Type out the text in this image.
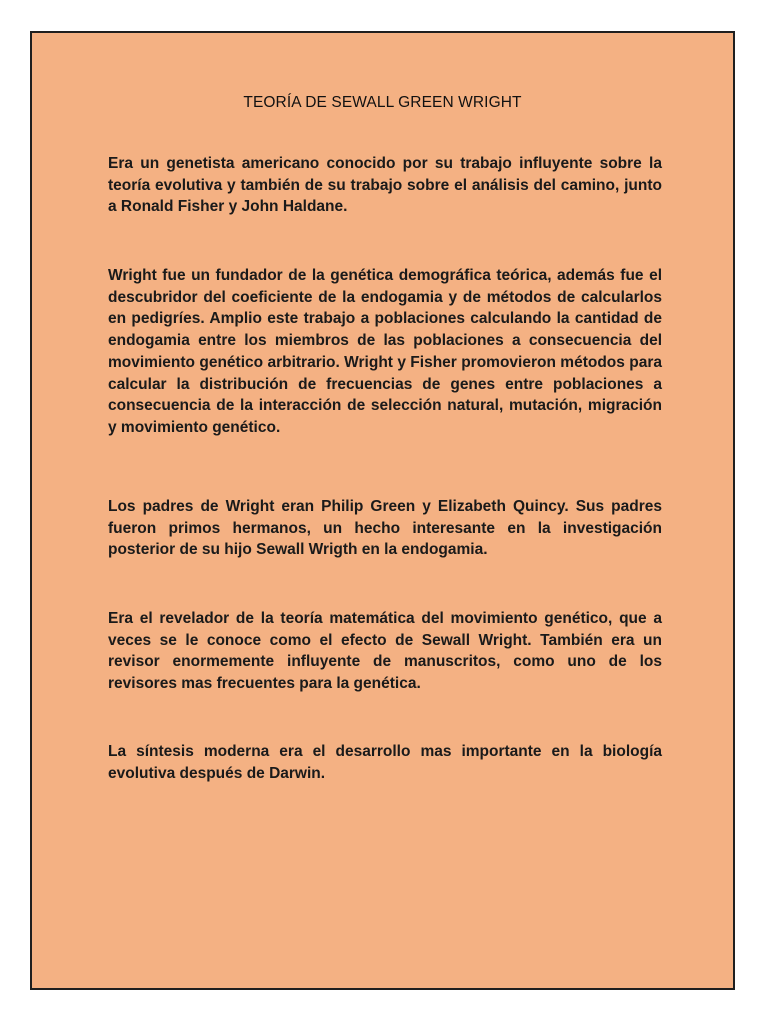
TEORÍA DE SEWALL GREEN WRIGHT

Era un genetista americano conocido por su trabajo influyente sobre la teoría evolutiva y también de su trabajo sobre el análisis del camino, junto a Ronald Fisher y John Haldane.

Wright fue un fundador de la genética demográfica teórica, además fue el descubridor del coeficiente de la endogamia y de métodos de calcularlos en pedigríes. Amplio este trabajo a poblaciones calculando la cantidad de endogamia entre los miembros de las poblaciones a consecuencia del movimiento genético arbitrario. Wright y Fisher promovieron métodos para calcular la distribución de frecuencias de genes entre poblaciones a consecuencia de la interacción de selección natural, mutación, migración y movimiento genético.

Los padres de Wright eran Philip Green y Elizabeth Quincy. Sus padres fueron primos hermanos, un hecho interesante en la investigación posterior de su hijo Sewall Wrigth en la endogamia.

Era el revelador de la teoría matemática del movimiento genético, que a veces se le conoce como el efecto de Sewall Wright. También era un revisor enormemente influyente de manuscritos, como uno de los revisores mas frecuentes para la genética.

La síntesis moderna era el desarrollo mas importante en la biología evolutiva después de Darwin.
